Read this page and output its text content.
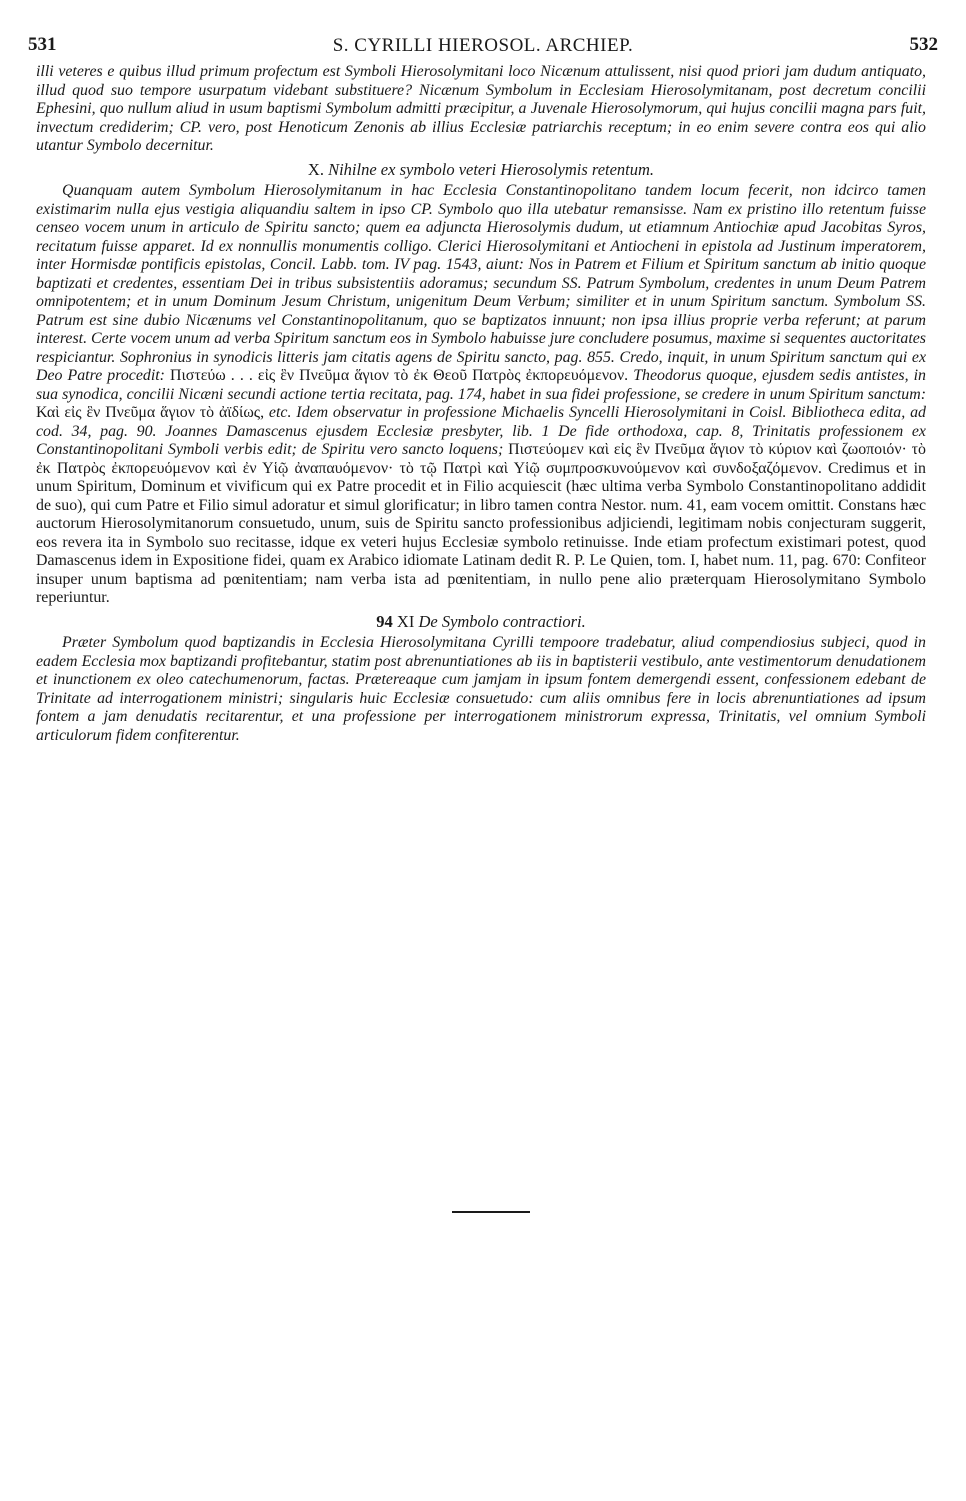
531	S. CYRILLI HIEROSOL. ARCHIEP.	532

illi veteres e quibus illud primum profectum est Symboli Hierosolymitani loco Nicænum attulissent, nisi quod priori jam dudum antiquato, illud quod suo tempore usurpatum videbant substituere? Nicænum Symbolum in Ecclesiam Hierosolymitanam, post decretum concilii Ephesini, quo nullum aliud in usum baptismi Symbolum admitti præcipitur, a Juvenale Hierosolymorum, qui hujus concilii magna pars fuit, invectum crediderim; CP. vero, post Henoticum Zenonis ab illius Ecclesiæ patriarchis receptum; in eo enim severe contra eos qui alio utantur Symbolo decernitur.

X. Nihilne ex symbolo veteri Hierosolymis retentum.

Quanquam autem Symbolum Hierosolymitanum in hac Ecclesia Constantinopolitano tandem locum fecerit, non idcirco tamen existimarim nulla ejus vestigia aliquandiu saltem in ipso CP. Symbolo quo illa utebatur remansisse. Nam ex pristino illo retentum fuisse censeo vocem unum in articulo de Spiritu sancto; quem ea adjuncta Hierosolymis dudum, ut etiamnum Antiochiæ apud Jacobitas Syros, recitatum fuisse apparet. Id ex nonnullis monumentis colligo. Clerici Hierosolymitani et Antiocheni in epistola ad Justinum imperatorem, inter Hormisdæ pontificis epistolas, Concil. Labb. tom. IV pag. 1543, aiunt: Nos in Patrem et Filium et Spiritum sanctum ab initio quoque baptizati et credentes, essentiam Dei in tribus subsistentiis adoramus; secundum SS. Patrum Symbolum, credentes in unum Deum Patrem omnipotentem; et in unum Dominum Jesum Christum, unigenitum Deum Verbum; similiter et in unum Spiritum sanctum. Symbolum SS. Patrum est sine dubio Nicænums vel Constantinopolitanum, quo se baptizatos innuunt; non ipsa illius proprie verba referunt; at parum interest. Certe vocem unum ad verba Spiritum sanctum eos in Symbolo habuisse jure concludere posumus, maxime si sequentes auctoritates respiciantur. Sophronius in synodicis litteris jam citatis agens de Spiritu sancto, pag. 855. Credo, inquit, in unum Spiritum sanctum qui ex Deo Patre procedit: Πιστεύω . . . εἰς ἓν Πνεῦμα ἅγιον τὸ ἐκ Θεοῦ Πατρὸς ἐκπορευόμενον. Theodorus quoque, ejusdem sedis antistes, in sua synodica, concilii Nicæni secundi actione tertia recitata, pag. 174, habet in sua fidei professione, se credere in unum Spiritum sanctum: Καὶ εἰς ἓν Πνεῦμα ἅγιον τὸ ἀϊδίως, etc. Idem observatur in professione Michaelis Syncelli Hierosolymitani in Coisl. Bibliotheca edita, ad cod. 34, pag. 90. Joannes Damascenus ejusdem Ecclesiæ presbyter, lib. 1 De fide orthodoxa, cap. 8, Trinitatis professionem ex Constantinopolitani Symboli verbis edit; de Spiritu vero sancto loquens; Πιστεύομεν καὶ εἰς ἓν Πνεῦμα ἅγιον τὸ κύριον καὶ ζωοποιόν· τὸ ἐκ Πατρὸς ἐκπορευόμενον καὶ ἐν Υἱῷ ἀναπαυόμενον· τὸ τῷ Πατρὶ καὶ Υἱῷ συμπροσκυνούμενον καὶ συνδοξαζόμενον. Credimus et in unum Spiritum, Dominum et vivificum qui ex Patre procedit et in Filio acquiescit (hæc ultima verba Symbolo Constantinopolitano addidit de suo), qui cum Patre et Filio simul adoratur et simul glorificatur; in libro tamen contra Nestor. num. 41, eam vocem omittit. Constans hæc auctorum Hierosolymitanorum consuetudo, unum, suis de Spiritu sancto professionibus adjiciendi, legitimam nobis conjecturam suggerit, eos revera ita in Symbolo suo recitasse, idque ex veteri hujus Ecclesiæ symbolo retinuisse. Inde etiam profectum existimari potest, quod Damascenus idem in Expositione fidei, quam ex Arabico idiomate Latinam dedit R. P. Le Quien, tom. I, habet num. 11, pag. 670: Confiteor insuper unum baptisma ad pœnitentiam; nam verba ista ad pœnitentiam, in nullo pene alio præterquam Hierosolymitano Symbolo reperiuntur.

94 XI De Symbolo contractiori.

Præter Symbolum quod baptizandis in Ecclesia Hierosolymitana Cyrilli tempoore tradebatur, aliud compendiosius subjeci, quod in eadem Ecclesia mox baptizandi profitebantur, statim post abrenuntiationes ab iis in baptisterii vestibulo, ante vestimentorum denudationem et inunctionem ex oleo catechumenorum, factas. Prætereaque cum jamjam in ipsum fontem demergendi essent, confessionem edebant de Trinitate ad interrogationem ministri; singularis huic Ecclesiæ consuetudo: cum aliis omnibus fere in locis abrenuntiationes ad ipsum fontem a jam denudatis recitarentur, et una professione per interrogationem ministrorum expressa, Trinitatis, vel omnium Symboli articulorum fidem confiterentur.
